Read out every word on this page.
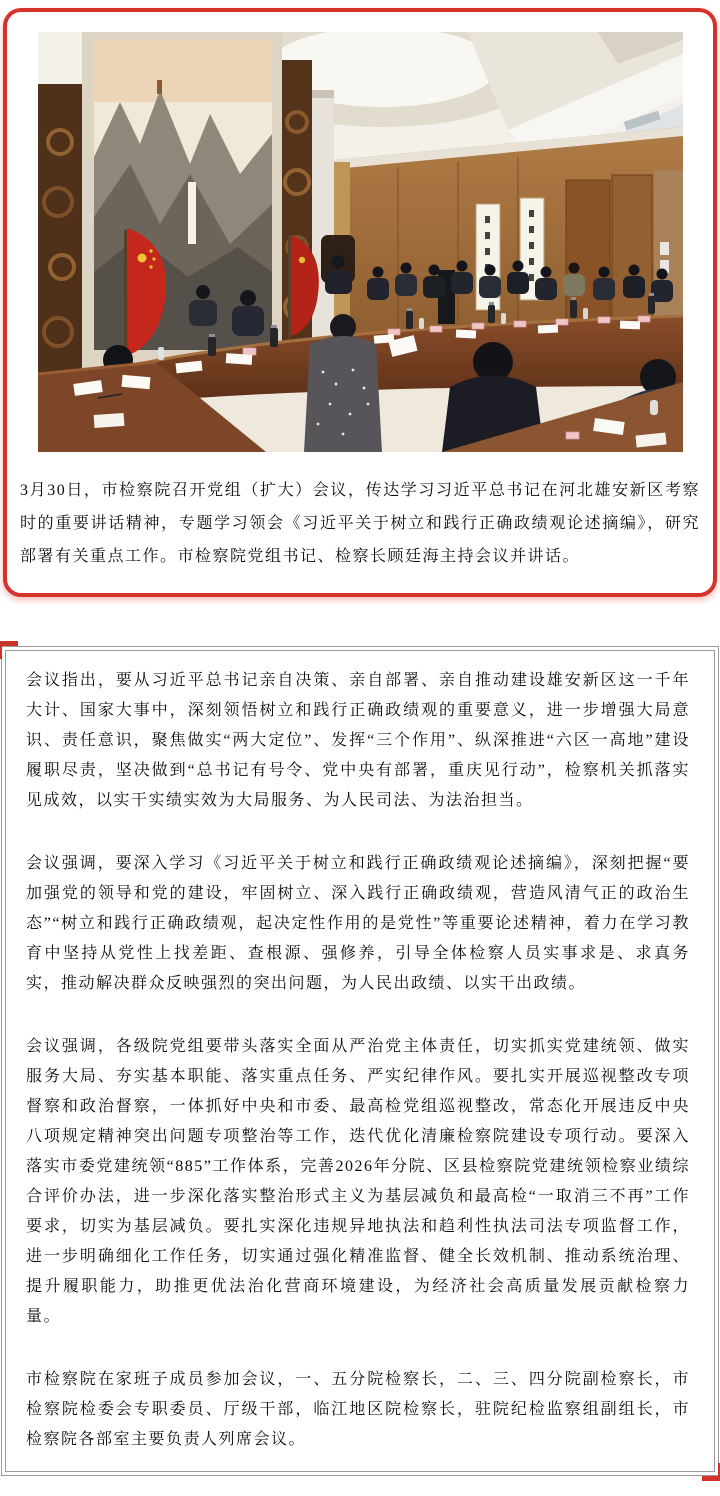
3月30日，市检察院召开党组（扩大）会议，传达学习习近平总书记在河北雄安新区考察时的重要讲话精神，专题学习领会《习近平关于树立和践行正确政绩观论述摘编》，研究部署有关重点工作。市检察院党组书记、检察长顾廷海主持会议并讲话。

会议指出，要从习近平总书记亲自决策、亲自部署、亲自推动建设雄安新区这一千年大计、国家大事中，深刻领悟树立和践行正确政绩观的重要意义，进一步增强大局意识、责任意识，聚焦做实“两大定位”、发挥“三个作用”、纵深推进“六区一高地”建设履职尽责，坚决做到“总书记有号令、党中央有部署，重庆见行动”，检察机关抓落实见成效，以实干实绩实效为大局服务、为人民司法、为法治担当。

会议强调，要深入学习《习近平关于树立和践行正确政绩观论述摘编》，深刻把握“要加强党的领导和党的建设，牢固树立、深入践行正确政绩观，营造风清气正的政治生态”“树立和践行正确政绩观，起决定性作用的是党性”等重要论述精神，着力在学习教育中坚持从党性上找差距、查根源、强修养，引导全体检察人员实事求是、求真务实，推动解决群众反映强烈的突出问题，为人民出政绩、以实干出政绩。

会议强调，各级院党组要带头落实全面从严治党主体责任，切实抓实党建统领、做实服务大局、夯实基本职能、落实重点任务、严实纪律作风。要扎实开展巡视整改专项督察和政治督察，一体抓好中央和市委、最高检党组巡视整改，常态化开展违反中央八项规定精神突出问题专项整治等工作，迭代优化清廉检察院建设专项行动。要深入落实市委党建统领“885”工作体系，完善2026年分院、区县检察院党建统领检察业绩综合评价办法，进一步深化落实整治形式主义为基层减负和最高检“一取消三不再”工作要求，切实为基层减负。要扎实深化违规异地执法和趋利性执法司法专项监督工作，进一步明确细化工作任务，切实通过强化精准监督、健全长效机制、推动系统治理、提升履职能力，助推更优法治化营商环境建设，为经济社会高质量发展贡献检察力量。

市检察院在家班子成员参加会议，一、五分院检察长，二、三、四分院副检察长，市检察院检委会专职委员、厅级干部，临江地区院检察长，驻院纪检监察组副组长，市检察院各部室主要负责人列席会议。
